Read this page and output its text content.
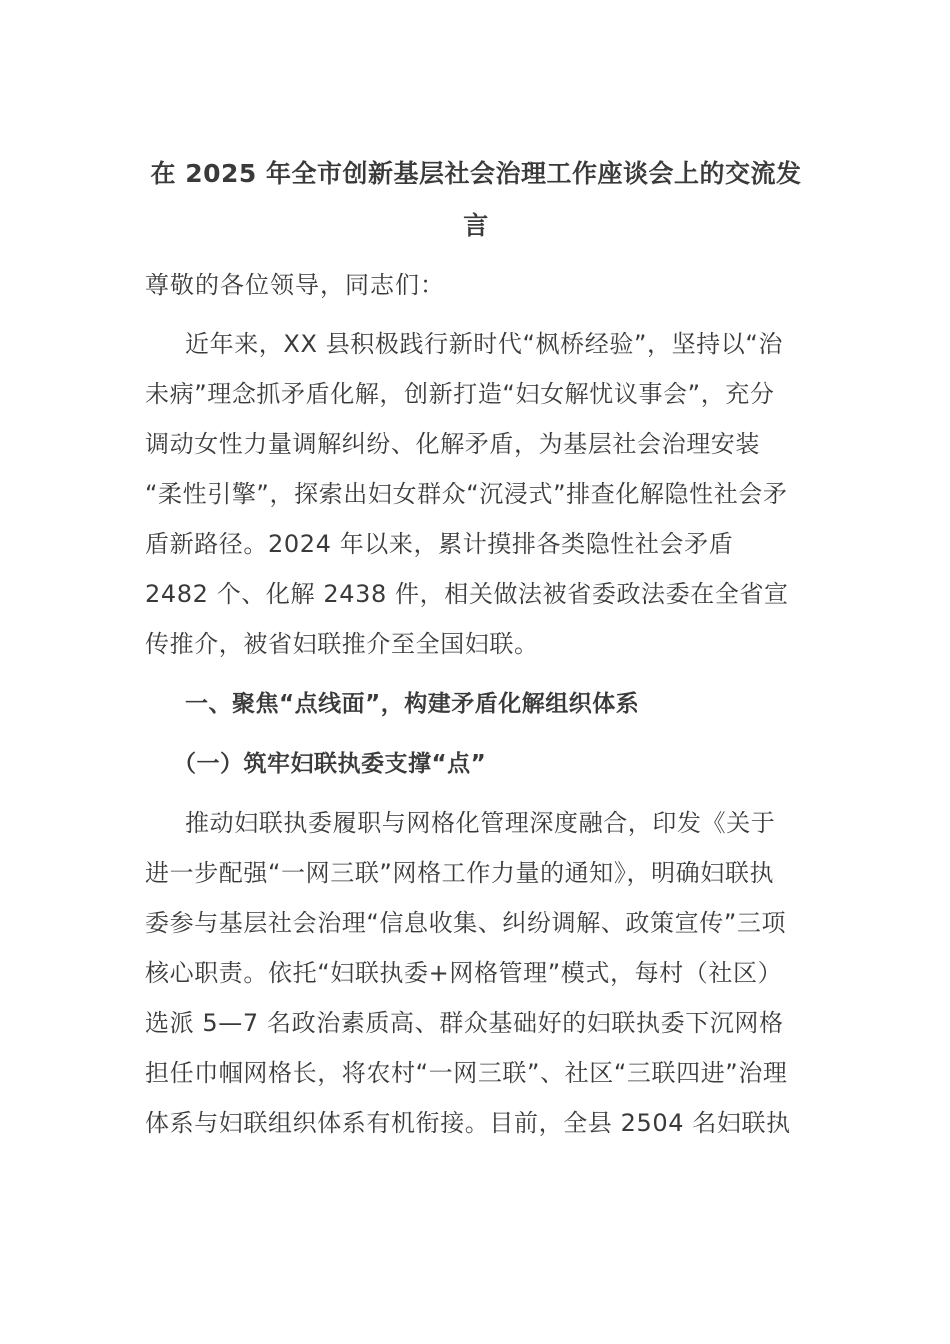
在 2025 年全市创新基层社会治理工作座谈会上的交流发
言

尊敬的各位领导，同志们：

近年来，XX 县积极践行新时代“枫桥经验”，坚持以“治
未病”理念抓矛盾化解，创新打造“妇女解忧议事会”，充分
调动女性力量调解纠纷、化解矛盾，为基层社会治理安装
“柔性引擎”，探索出妇女群众“沉浸式”排查化解隐性社会矛
盾新路径。2024 年以来，累计摸排各类隐性社会矛盾
2482 个、化解 2438 件，相关做法被省委政法委在全省宣
传推介，被省妇联推介至全国妇联。

一、聚焦“点线面”，构建矛盾化解组织体系

（一）筑牢妇联执委支撑“点”

推动妇联执委履职与网格化管理深度融合，印发《关于
进一步配强“一网三联”网格工作力量的通知》，明确妇联执
委参与基层社会治理“信息收集、纠纷调解、政策宣传”三项
核心职责。依托“妇联执委+网格管理”模式，每村（社区）
选派 5—7 名政治素质高、群众基础好的妇联执委下沉网格
担任巾帼网格长，将农村“一网三联”、社区“三联四进”治理
体系与妇联组织体系有机衔接。目前，全县 2504 名妇联执
